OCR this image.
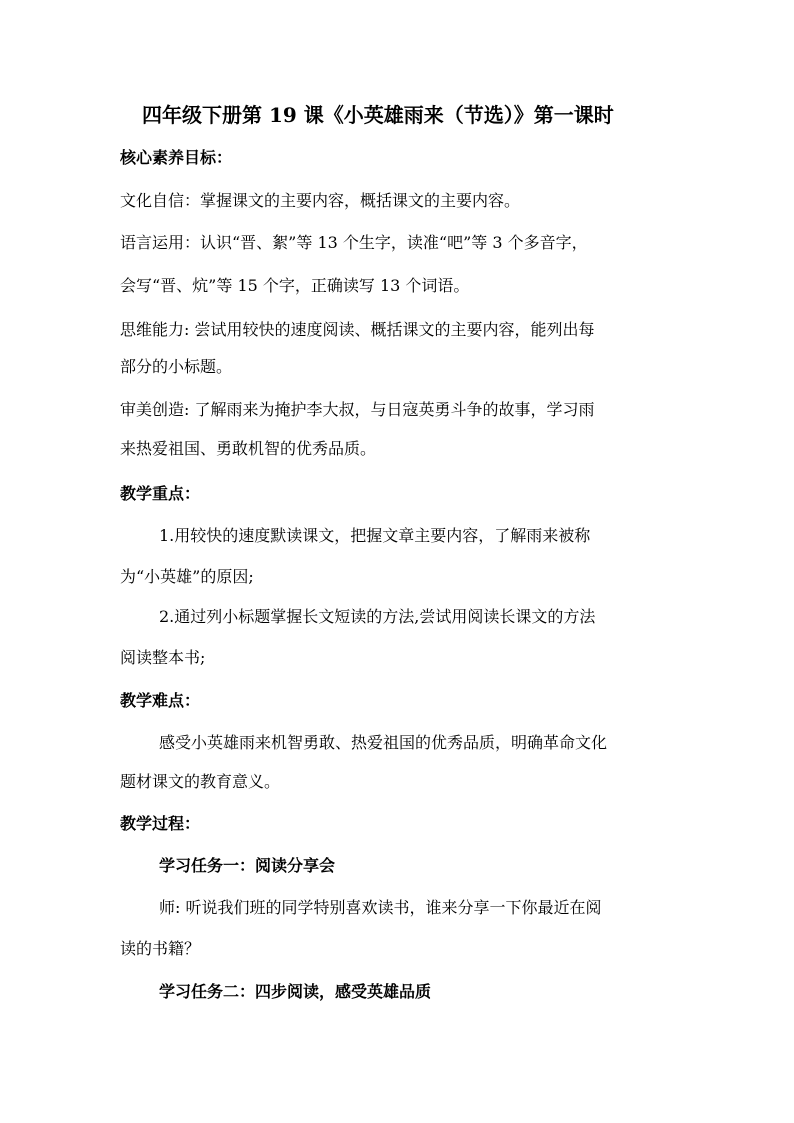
四年级下册第 19 课《小英雄雨来（节选）》第一课时
核心素养目标：
文化自信：掌握课文的主要内容，概括课文的主要内容。
语言运用：认识“晋、絮”等 13 个生字，读准“吧”等 3 个多音字，
会写“晋、炕”等 15 个字，正确读写 13 个词语。
思维能力: 尝试用较快的速度阅读、概括课文的主要内容，能列出每
部分的小标题。
审美创造: 了解雨来为掩护李大叔，与日寇英勇斗争的故事，学习雨
来热爱祖国、勇敢机智的优秀品质。
教学重点：
1.用较快的速度默读课文，把握文章主要内容，了解雨来被称
为“小英雄”的原因;
2.通过列小标题掌握长文短读的方法,尝试用阅读长课文的方法
阅读整本书;
教学难点：
感受小英雄雨来机智勇敢、热爱祖国的优秀品质，明确革命文化
题材课文的教育意义。
教学过程：
学习任务一：阅读分享会
师: 听说我们班的同学特别喜欢读书，谁来分享一下你最近在阅
读的书籍？
学习任务二：四步阅读，感受英雄品质
